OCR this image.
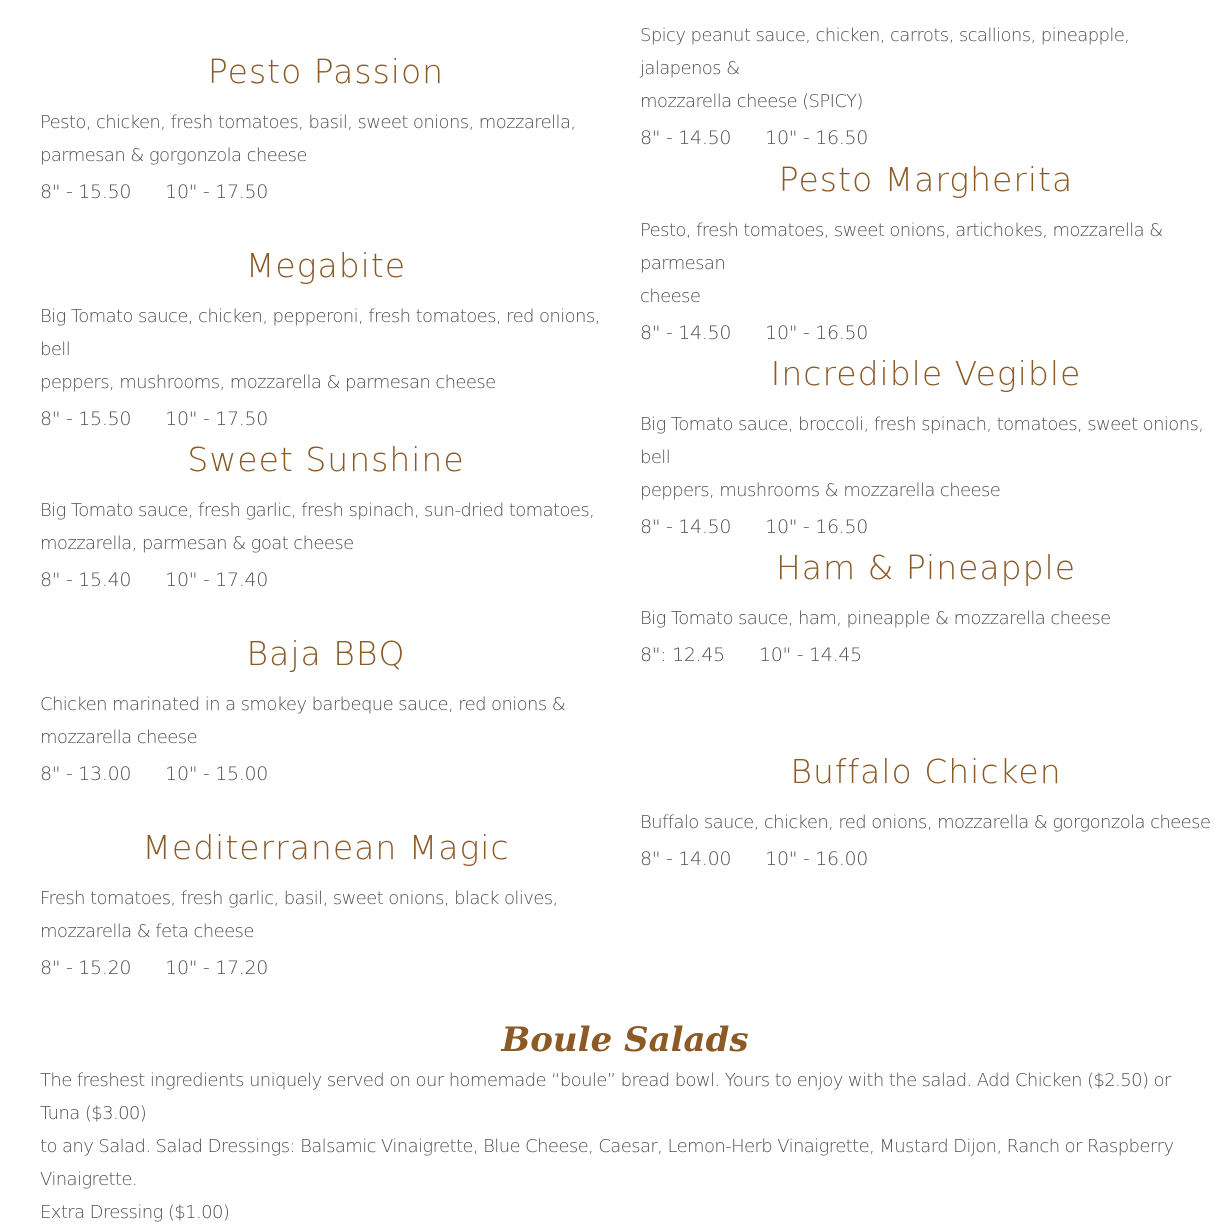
Pesto Passion
Pesto, chicken, fresh tomatoes, basil, sweet onions, mozzarella,
parmesan & gorgonzola cheese
8" - 15.50 10" - 17.50
Megabite
Big Tomato sauce, chicken, pepperoni, fresh tomatoes, red onions, bell
peppers, mushrooms, mozzarella & parmesan cheese
8" - 15.50 10" - 17.50
Sweet Sunshine
Big Tomato sauce, fresh garlic, fresh spinach, sun-dried tomatoes,
mozzarella, parmesan & goat cheese
8" - 15.40 10" - 17.40
Baja BBQ
Chicken marinated in a smokey barbeque sauce, red onions &
mozzarella cheese
8" - 13.00 10" - 15.00
Mediterranean Magic
Fresh tomatoes, fresh garlic, basil, sweet onions, black olives,
mozzarella & feta cheese
8" - 15.20 10" - 17.20
Spicy peanut sauce, chicken, carrots, scallions, pineapple, jalapenos &
mozzarella cheese (SPICY)
8" - 14.50 10" - 16.50
Pesto Margherita
Pesto, fresh tomatoes, sweet onions, artichokes, mozzarella & parmesan
cheese
8" - 14.50 10" - 16.50
Incredible Vegible
Big Tomato sauce, broccoli, fresh spinach, tomatoes, sweet onions, bell
peppers, mushrooms & mozzarella cheese
8" - 14.50 10" - 16.50
Ham & Pineapple
Big Tomato sauce, ham, pineapple & mozzarella cheese
8": 12.45 10" - 14.45
Buffalo Chicken
Buffalo sauce, chicken, red onions, mozzarella & gorgonzola cheese
8" - 14.00 10" - 16.00
Boule Salads
The freshest ingredients uniquely served on our homemade “boule” bread bowl. Yours to enjoy with the salad. Add Chicken ($2.50) or Tuna ($3.00)
to any Salad. Salad Dressings: Balsamic Vinaigrette, Blue Cheese, Caesar, Lemon-Herb Vinaigrette, Mustard Dijon, Ranch or Raspberry Vinaigrette.
Extra Dressing ($1.00)
